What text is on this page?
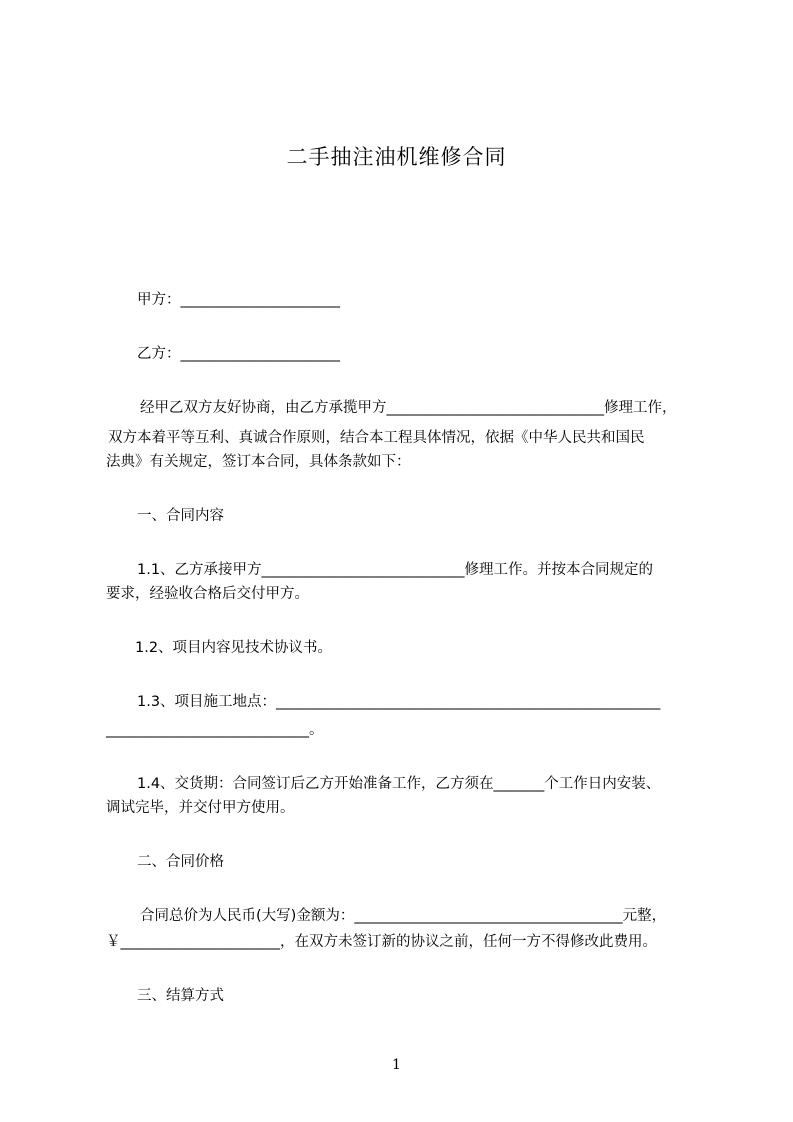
二手抽注油机维修合同
甲方：______________________
乙方：______________________
经甲乙双方友好协商，由乙方承揽甲方______________________________修理工作，
双方本着平等互利、真诚合作原则，结合本工程具体情况，依据《中华人民共和国民
法典》有关规定，签订本合同，具体条款如下：
一、合同内容
1.1、乙方承接甲方____________________________修理工作。并按本合同规定的
要求，经验收合格后交付甲方。
1.2、项目内容见技术协议书。
1.3、项目施工地点：_____________________________________________________
____________________________。
1.4、交货期：合同签订后乙方开始准备工作，乙方须在_______个工作日内安装、
调试完毕，并交付甲方使用。
二、合同价格
合同总价为人民币(大写)金额为：_____________________________________元整，
￥______________________，在双方未签订新的协议之前，任何一方不得修改此费用。
三、结算方式
1
